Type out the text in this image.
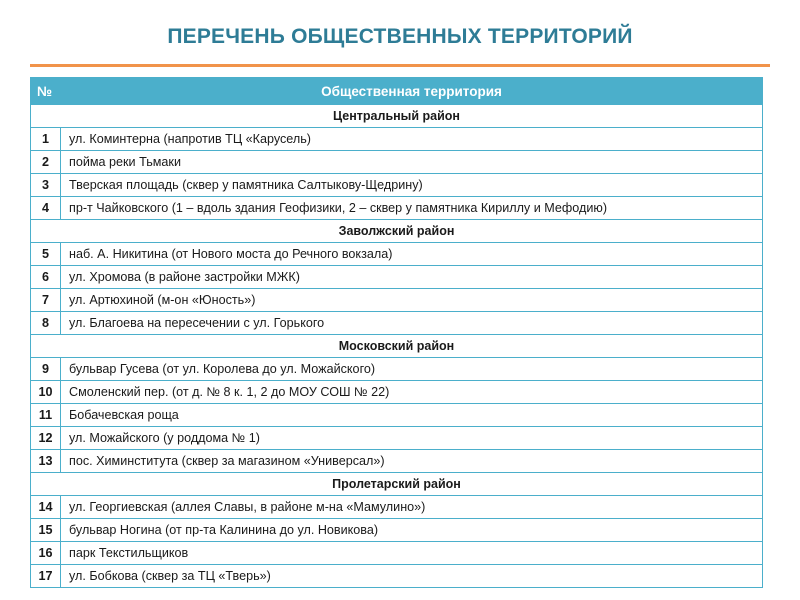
ПЕРЕЧЕНЬ ОБЩЕСТВЕННЫХ ТЕРРИТОРИЙ
№	Общественная территория
Центральный район	
1	ул. Коминтерна (напротив ТЦ «Карусель)
2	пойма реки Тьмаки
3	Тверская площадь (сквер у памятника Салтыкову-Щедрину)
4	пр-т Чайковского (1 – вдоль здания Геофизики, 2 – сквер у памятника Кириллу и Мефодию)
Заволжский район	
5	наб. А. Никитина (от Нового моста до Речного вокзала)
6	ул. Хромова (в районе застройки МЖК)
7	ул. Артюхиной (м-он «Юность»)
8	ул. Благоева на пересечении с ул. Горького
Московский район	
9	бульвар Гусева (от ул. Королева до ул. Можайского)
10	Смоленский пер. (от д. № 8 к. 1, 2 до МОУ СОШ № 22)
11	Бобачевская роща
12	ул. Можайского (у роддома № 1)
13	пос. Химинститута (сквер за магазином «Универсал»)
Пролетарский район	
14	ул. Георгиевская (аллея Славы, в районе м-на «Мамулино»)
15	бульвар Ногина (от пр-та Калинина до ул. Новикова)
16	парк Текстильщиков
17	ул. Бобкова (сквер за ТЦ «Тверь»)
